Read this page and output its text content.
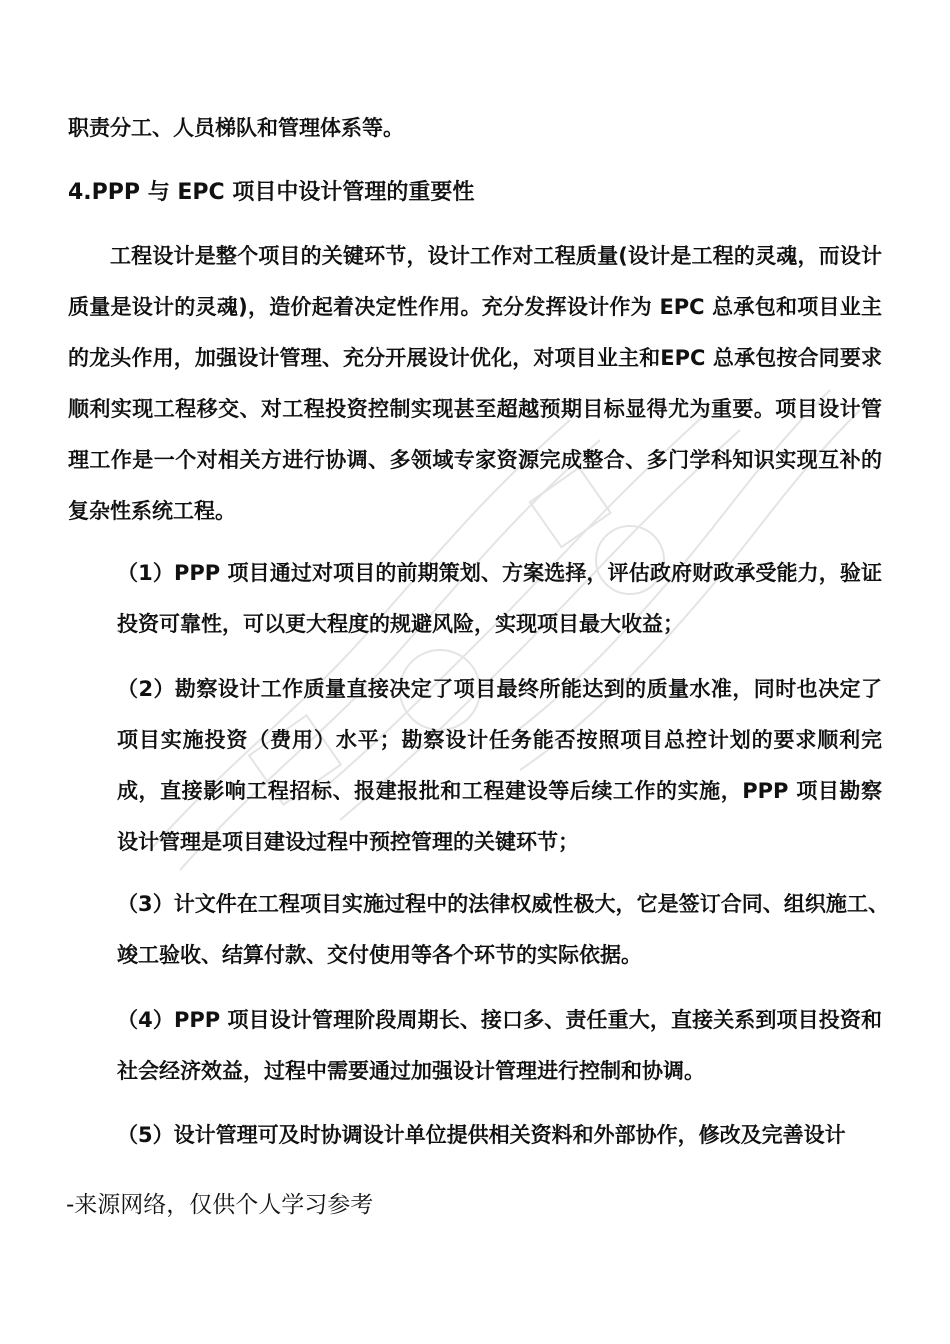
职责分工、人员梯队和管理体系等。
4.PPP 与 EPC 项目中设计管理的重要性
工程设计是整个项目的关键环节，设计工作对工程质量(设计是工程的灵魂，而设计质量是设计的灵魂)，造价起着决定性作用。充分发挥设计作为 EPC 总承包和项目业主的龙头作用，加强设计管理、充分开展设计优化，对项目业主和EPC 总承包按合同要求顺利实现工程移交、对工程投资控制实现甚至超越预期目标显得尤为重要。项目设计管理工作是一个对相关方进行协调、多领域专家资源完成整合、多门学科知识实现互补的复杂性系统工程。
（1）PPP 项目通过对项目的前期策划、方案选择，评估政府财政承受能力，验证投资可靠性，可以更大程度的规避风险，实现项目最大收益；
（2）勘察设计工作质量直接决定了项目最终所能达到的质量水准，同时也决定了项目实施投资（费用）水平；勘察设计任务能否按照项目总控计划的要求顺利完成，直接影响工程招标、报建报批和工程建设等后续工作的实施，PPP 项目勘察设计管理是项目建设过程中预控管理的关键环节；
（3）计文件在工程项目实施过程中的法律权威性极大，它是签订合同、组织施工、竣工验收、结算付款、交付使用等各个环节的实际依据。
（4）PPP 项目设计管理阶段周期长、接口多、责任重大，直接关系到项目投资和社会经济效益，过程中需要通过加强设计管理进行控制和协调。
（5）设计管理可及时协调设计单位提供相关资料和外部协作，修改及完善设计
-来源网络，仅供个人学习参考
